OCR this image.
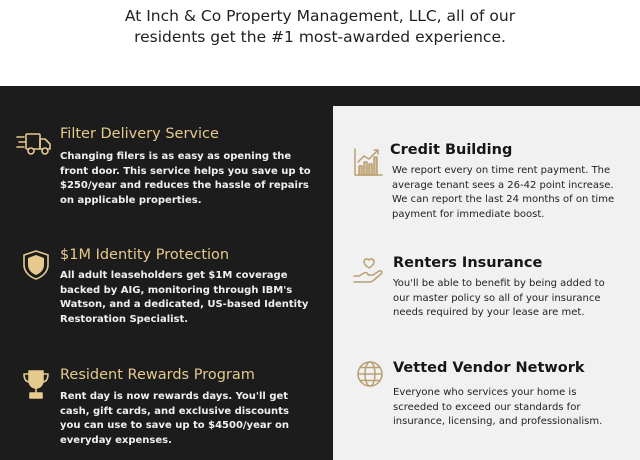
At Inch & Co Property Management, LLC, all of our

residents get the #1 most-awarded experience.

Filter Delivery Service
Changing filers is as easy as opening the
front door. This service helps you save up to
$250/year and reduces the hassle of repairs
on applicable properties.
$1M Identity Protection
All adult leaseholders get $1M coverage
backed by AIG, monitoring through IBM's
Watson, and a dedicated, US-based Identity
Restoration Specialist.
Resident Rewards Program
Rent day is now rewards days. You'll get
cash, gift cards, and exclusive discounts
you can use to save up to $4500/year on
everyday expenses.
Credit Building
We report every on time rent payment. The
average tenant sees a 26-42 point increase.
We can report the last 24 months of on time
payment for immediate boost.
Renters Insurance
You'll be able to benefit by being added to
our master policy so all of your insurance
needs required by your lease are met.
Vetted Vendor Network
Everyone who services your home is
screeded to exceed our standards for
insurance, licensing, and professionalism.
